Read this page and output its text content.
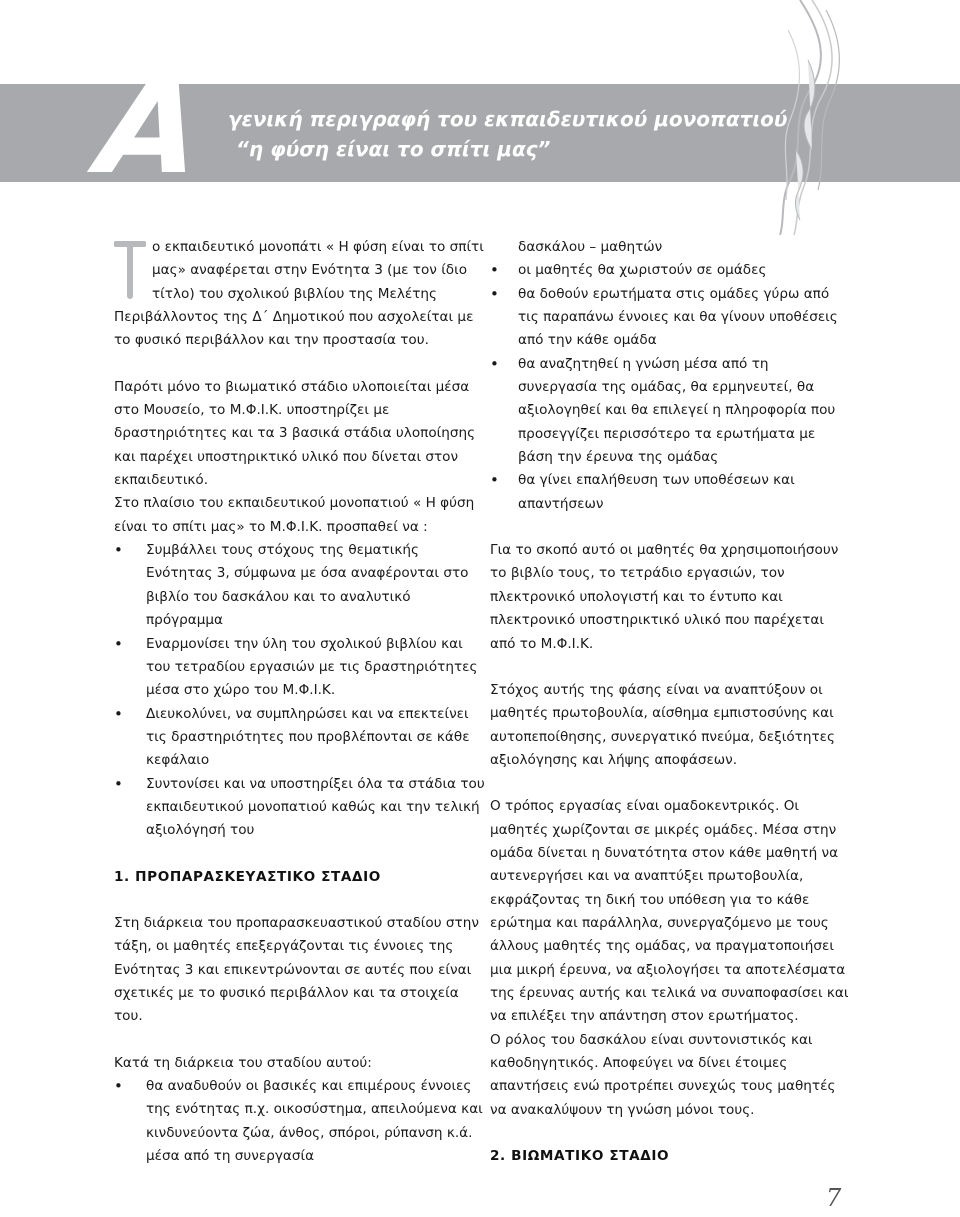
A γενική περιγραφή του εκπαιδευτικού μονοπατιού
“η φύση είναι το σπίτι μας”

ο εκπαιδευτικό μονοπάτι « Η φύση είναι το σπίτι μας» αναφέρεται στην Ενότητα 3 (με τον ίδιο τίτλο) του σχολικού βιβλίου της Μελέτης Περιβάλλοντος της Δ΄ Δημοτικού που ασχολείται με το φυσικό περιβάλλον και την προστασία του.

Παρότι μόνο το βιωματικό στάδιο υλοποιείται μέσα στο Μουσείο, το Μ.Φ.Ι.Κ. υποστηρίζει με δραστηριότητες και τα 3 βασικά στάδια υλοποίησης και παρέχει υποστηρικτικό υλικό που δίνεται στον εκπαιδευτικό.

Στο πλαίσιο του εκπαιδευτικού μονοπατιού « Η φύση είναι το σπίτι μας» το Μ.Φ.Ι.Κ. προσπαθεί να :

• Συμβάλλει τους στόχους της θεματικής Ενότητας 3, σύμφωνα με όσα αναφέρονται στο βιβλίο του δασκάλου και το αναλυτικό πρόγραμμα
• Εναρμονίσει την ύλη του σχολικού βιβλίου και του τετραδίου εργασιών με τις δραστηριότητες μέσα στο χώρο του Μ.Φ.Ι.Κ.
• Διευκολύνει, να συμπληρώσει και να επεκτείνει τις δραστηριότητες που προβλέπονται σε κάθε κεφάλαιο
• Συντονίσει και να υποστηρίξει όλα τα στάδια του εκπαιδευτικού μονοπατιού καθώς και την τελική αξιολόγησή του

1. ΠΡΟΠΑΡΑΣΚΕΥΑΣΤΙΚΟ ΣΤΑΔΙΟ

Στη διάρκεια του προπαρασκευαστικού σταδίου στην τάξη, οι μαθητές επεξεργάζονται τις έννοιες της Ενότητας 3 και επικεντρώνονται σε αυτές που είναι σχετικές με το φυσικό περιβάλλον και τα στοιχεία του.

Κατά τη διάρκεια του σταδίου αυτού:

• θα αναδυθούν οι βασικές και επιμέρους έννοιες της ενότητας π.χ. οικοσύστημα, απειλούμενα και κινδυνεύοντα ζώα, άνθος, σπόροι, ρύπανση κ.ά. μέσα από τη συνεργασία

δασκάλου – μαθητών

• οι μαθητές θα χωριστούν σε ομάδες
• θα δοθούν ερωτήματα στις ομάδες γύρω από τις παραπάνω έννοιες και θα γίνουν υποθέσεις από την κάθε ομάδα
• θα αναζητηθεί η γνώση μέσα από τη συνεργασία της ομάδας, θα ερμηνευτεί, θα αξιολογηθεί και θα επιλεγεί η πληροφορία που προσεγγίζει περισσότερο τα ερωτήματα με βάση την έρευνα της ομάδας
• θα γίνει επαλήθευση των υποθέσεων και απαντήσεων

Για το σκοπό αυτό οι μαθητές θα χρησιμοποιήσουν το βιβλίο τους, το τετράδιο εργασιών, τον πλεκτρονικό υπολογιστή και το έντυπο και πλεκτρονικό υποστηρικτικό υλικό που παρέχεται από το Μ.Φ.Ι.Κ.

Στόχος αυτής της φάσης είναι να αναπτύξουν οι μαθητές πρωτοβουλία, αίσθημα εμπιστοσύνης και αυτοπεποίθησης, συνεργατικό πνεύμα, δεξιότητες αξιολόγησης και λήψης αποφάσεων.

Ο τρόπος εργασίας είναι ομαδοκεντρικός. Οι μαθητές χωρίζονται σε μικρές ομάδες. Μέσα στην ομάδα δίνεται η δυνατότητα στον κάθε μαθητή να αυτενεργήσει και να αναπτύξει πρωτοβουλία, εκφράζοντας τη δική του υπόθεση για το κάθε ερώτημα και παράλληλα, συνεργαζόμενο με τους άλλους μαθητές της ομάδας, να πραγματοποιήσει μια μικρή έρευνα, να αξιολογήσει τα αποτελέσματα της έρευνας αυτής και τελικά να συναποφασίσει και να επιλέξει την απάντηση στον ερωτήματος.

Ο ρόλος του δασκάλου είναι συντονιστικός και καθοδηγητικός. Αποφεύγει να δίνει έτοιμες απαντήσεις ενώ προτρέπει συνεχώς τους μαθητές να ανακαλύψουν τη γνώση μόνοι τους.

2. ΒΙΩΜΑΤΙΚΟ ΣΤΑΔΙΟ

7
